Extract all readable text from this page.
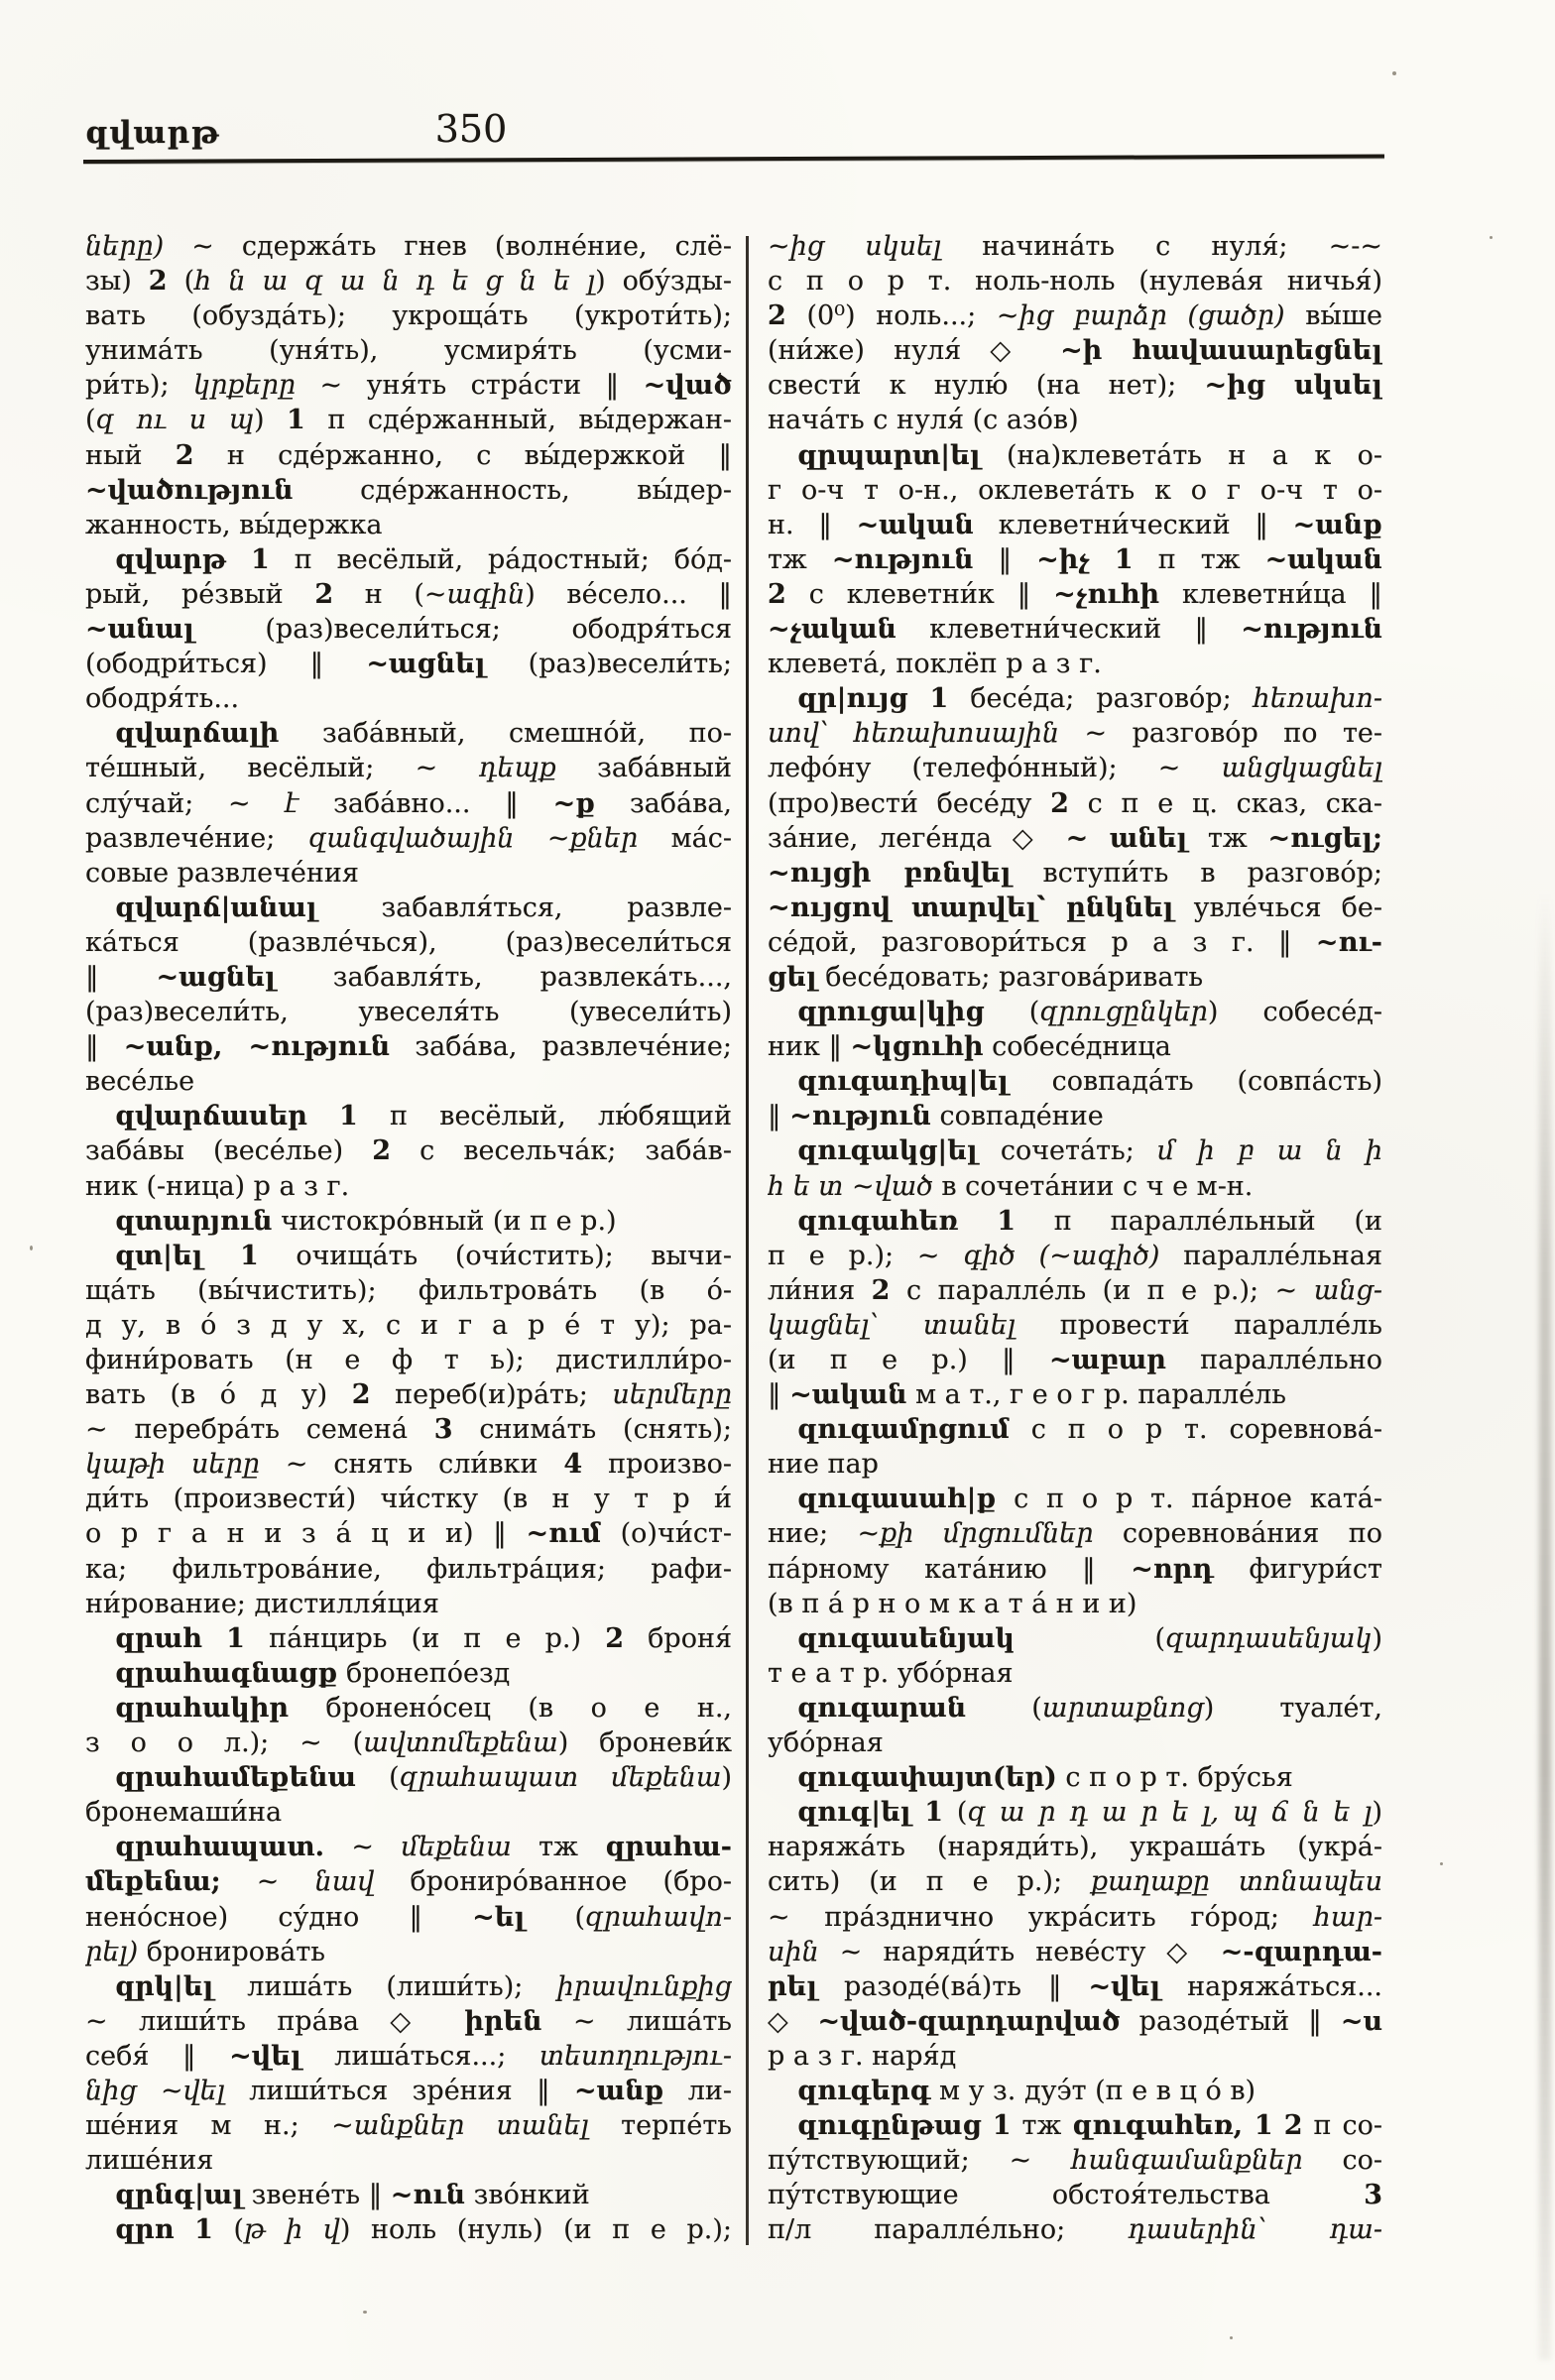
զվարթ	350
ները) ~ сдержа́ть гнев (волне́ние, слё-
зы) 2 (հ ն ա զ ա ն դ ե ց ն ե լ) обу́зды-
вать (обузда́ть); укроща́ть (укроти́ть);
унима́ть (уня́ть), усмиря́ть (усми-
ри́ть); կրքերը ~ уня́ть стра́сти ‖ ~ված
(զ ու ս պ) 1 п сде́ржанный, вы́держан-
ный 2 н сде́ржанно, с вы́держкой ‖
~վածություն сде́ржанность, вы́дер-
жанность, вы́держка
զվարթ 1 п весёлый, ра́достный; бо́д-
рый, ре́звый 2 н (~ագին) ве́село... ‖
~անալ (раз)весели́ться; ободря́ться
(ободри́ться) ‖ ~ացնել (раз)весели́ть;
ободря́ть...
զվարճալի заба́вный, смешно́й, по-
те́шный, весёлый; ~ դեպք заба́вный
слу́чай; ~ է заба́вно... ‖ ~ք заба́ва,
развлече́ние; զանգվածային ~քներ ма́с-
совые развлече́ния
զվարճ|անալ забавля́ться, развле-
ка́ться (развле́чься), (раз)весели́ться
‖ ~ացնել забавля́ть, развлека́ть...,
(раз)весели́ть, увеселя́ть (увесели́ть)
‖ ~անք, ~ություն заба́ва, развлече́ние;
весе́лье
զվարճասեր 1 п весёлый, лю́бящий
заба́вы (весе́лье) 2 с весельча́к; заба́в-
ник (-ница) р а з г.
զտարյուն чистокро́вный (и п е р.)
զտ|ել 1 очища́ть (очи́стить); вычи-
ща́ть (вы́чистить); фильтрова́ть (в о́-
д у, в о́ з д у х, с и г а р е́ т у); ра-
фини́ровать (н е ф т ь); дистилли́ро-
вать (в о́ д у) 2 переб(и)ра́ть; սերմերը
~ перебра́ть семена́ 3 снима́ть (снять);
կաթի սերը ~ снять сли́вки 4 произво-
ди́ть (произвести́) чи́стку (в н у т р и́
о р г а н и з а́ ц и и) ‖ ~ում (о)чи́ст-
ка; фильтрова́ние, фильтра́ция; рафи-
ни́рование; дистилля́ция
զրահ 1 па́нцирь (и п е р.) 2 броня́
զրահագնացք бронепо́езд
զրահակիր бронено́сец (в о е н.,
з о о л.); ~ (ավտոմեքենա) броневи́к
զրահամեքենա (զրահապատ մեքենա)
бронемаши́на
զրահապատ. ~ մեքենա тж զրահա-
մեքենա; ~ նավ брониро́ванное (бро-
нено́сное) су́дно ‖ ~ել (զրահավո-
րել) бронирова́ть
զրկ|ել лиша́ть (лиши́ть); իրավունքից
~ лиши́ть пра́ва ◇ իրեն ~ лиша́ть
себя́ ‖ ~վել лиша́ться...; տեսողությու-
նից ~վել лиши́ться зре́ния ‖ ~անք ли-
ше́ния м н.; ~անքներ տանել терпе́ть
лише́ния
զրնգ|ալ звене́ть ‖ ~ուն зво́нкий
զրո 1 (թ ի վ) ноль (нуль) (и п е р.);
~ից սկսել начина́ть с нуля́; ~-~
с п о р т. ноль-ноль (нулева́я ничья́)
2 (0⁰) ноль...; ~ից բարձր (ցածր) вы́ше
(ни́же) нуля́ ◇ ~ի հավասարեցնել
свести́ к нулю́ (на нет); ~ից սկսել
нача́ть с нуля́ (с азо́в)
զրպարտ|ել (на)клевета́ть н а к о-
г о-ч т о-н., оклевета́ть к о г о-ч т о-
н. ‖ ~ական клеветни́ческий ‖ ~անք
тж ~ություն ‖ ~իչ 1 п тж ~ական
2 с клеветни́к ‖ ~չուհի клеветни́ца ‖
~չական клеветни́ческий ‖ ~ություն
клевета́, поклёп р а з г.
զր|ույց 1 бесе́да; разгово́р; հեռախո-
սով՝ հեռախոսային ~ разгово́р по те-
лефо́ну (телефо́нный); ~ անցկացնել
(про)вести́ бесе́ду 2 с п е ц. сказ, ска-
за́ние, леге́нда ◇ ~ անել тж ~ուցել;
~ույցի բռնվել вступи́ть в разгово́р;
~ույցով տարվել՝ ընկնել увле́чься бе-
се́дой, разговори́ться р а з г. ‖ ~ու-
ցել бесе́довать; разгова́ривать
զրուցա|կից (զրուցընկեր) собесе́д-
ник ‖ ~կցուհի собесе́дница
զուգադիպ|ել совпада́ть (совпа́сть)
‖ ~ություն совпаде́ние
զուգակց|ել сочета́ть; մ ի բ ա ն ի
հ ե տ ~ված в сочета́нии с ч е м-н.
զուգահեռ 1 п паралле́льный (и
п е р.); ~ գիծ (~ագիծ) паралле́льная
ли́ния 2 с паралле́ль (и п е р.); ~ անց-
կացնել՝ տանել провести́ паралле́ль
(и п е р.) ‖ ~աբար паралле́льно
‖ ~ական м а т., г е о г р. паралле́ль
զուգամրցում с п о р т. соревнова́-
ние пар
զուգասահ|ք с п о р т. па́рное ката́-
ние; ~քի մրցումներ соревнова́ния по
па́рному ката́нию ‖ ~որդ фигури́ст
(в п а́ р н о м к а т а́ н и и)
զուգասենյակ (զարդասենյակ)
т е а т р. убо́рная
զուգարան (արտաքնոց) туале́т,
убо́рная
զուգափայտ(եր) с п о р т. бру́сья
զուգ|ել 1 (զ ա ր դ ա ր ե լ, պ ճ ն ե լ)
наряжа́ть (наряди́ть), украша́ть (укра́-
сить) (и п е р.); քաղաքը տոնապես
~ пра́зднично укра́сить го́род; հար-
սին ~ наряди́ть неве́сту ◇ ~-զարդա-
րել разоде́(ва́)ть ‖ ~վել наряжа́ться...
◇ ~ված-զարդարված разоде́тый ‖ ~ս
р а з г. наря́д
զուգերգ м у з. дуэ́т (п е в ц о́ в)
զուգընթաց 1 тж զուգահեռ, 1 2 п со-
пу́тствующий; ~ հանգամանքներ со-
пу́тствующие обстоя́тельства 3
п/л паралле́льно; դասերին՝ դա-
